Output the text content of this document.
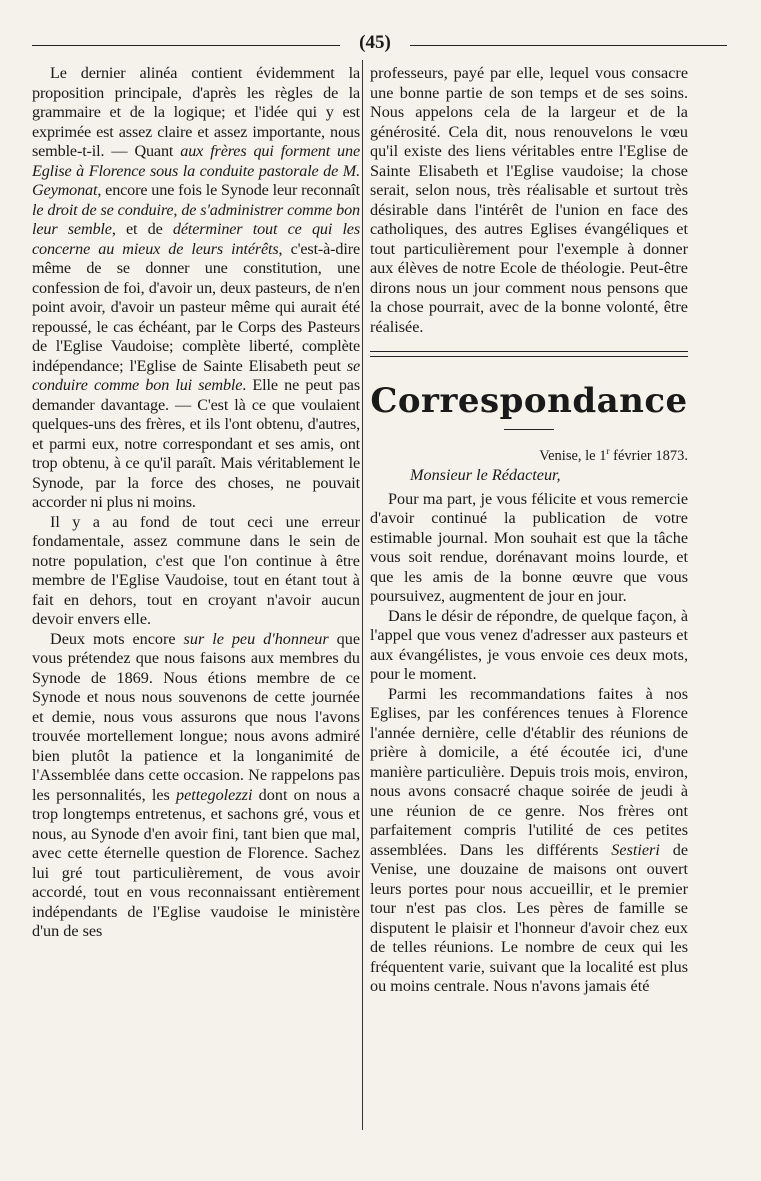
(45)

Le dernier alinéa contient évidemment la proposition principale, d'après les règles de la grammaire et de la logique; et l'idée qui y est exprimée est assez claire et assez importante, nous semble-t-il. — Quant aux frères qui forment une Eglise à Florence sous la conduite pastorale de M. Geymonat, encore une fois le Synode leur reconnaît le droit de se conduire, de s'administrer comme bon leur semble, et de déterminer tout ce qui les concerne au mieux de leurs intérêts, c'est-à-dire même de se donner une constitution, une confession de foi, d'avoir un, deux pasteurs, de n'en point avoir, d'avoir un pasteur même qui aurait été repoussé, le cas échéant, par le Corps des Pasteurs de l'Eglise Vaudoise; complète liberté, complète indépendance; l'Eglise de Sainte Elisabeth peut se conduire comme bon lui semble. Elle ne peut pas demander davantage. — C'est là ce que voulaient quelques-uns des frères, et ils l'ont obtenu, d'autres, et parmi eux, notre correspondant et ses amis, ont trop obtenu, à ce qu'il paraît. Mais véritablement le Synode, par la force des choses, ne pouvait accorder ni plus ni moins.

Il y a au fond de tout ceci une erreur fondamentale, assez commune dans le sein de notre population, c'est que l'on continue à être membre de l'Eglise Vaudoise, tout en étant tout à fait en dehors, tout en croyant n'avoir aucun devoir envers elle.

Deux mots encore sur le peu d'honneur que vous prétendez que nous faisons aux membres du Synode de 1869. Nous étions membre de ce Synode et nous nous souvenons de cette journée et demie, nous vous assurons que nous l'avons trouvée mortellement longue; nous avons admiré bien plutôt la patience et la longanimité de l'Assemblée dans cette occasion. Ne rappelons pas les personnalités, les pettegolezzi dont on nous a trop longtemps entretenus, et sachons gré, vous et nous, au Synode d'en avoir fini, tant bien que mal, avec cette éternelle question de Florence. Sachez lui gré tout particulièrement, de vous avoir accordé, tout en vous reconnaissant entièrement indépendants de l'Eglise vaudoise le ministère d'un de ses

professeurs, payé par elle, lequel vous consacre une bonne partie de son temps et de ses soins. Nous appelons cela de la largeur et de la générosité. Cela dit, nous renouvelons le vœu qu'il existe des liens véritables entre l'Eglise de Sainte Elisabeth et l'Eglise vaudoise; la chose serait, selon nous, très réalisable et surtout très désirable dans l'intérêt de l'union en face des catholiques, des autres Eglises évangéliques et tout particulièrement pour l'exemple à donner aux élèves de notre Ecole de théologie. Peut-être dirons nous un jour comment nous pensons que la chose pourrait, avec de la bonne volonté, être réalisée.

Correspondance

Venise, le 1$^r$ février 1873.

Monsieur le Rédacteur,

Pour ma part, je vous félicite et vous remercie d'avoir continué la publication de votre estimable journal. Mon souhait est que la tâche vous soit rendue, dorénavant moins lourde, et que les amis de la bonne œuvre que vous poursuivez, augmentent de jour en jour.

Dans le désir de répondre, de quelque façon, à l'appel que vous venez d'adresser aux pasteurs et aux évangélistes, je vous envoie ces deux mots, pour le moment.

Parmi les recommandations faites à nos Eglises, par les conférences tenues à Florence l'année dernière, celle d'établir des réunions de prière à domicile, a été écoutée ici, d'une manière particulière. Depuis trois mois, environ, nous avons consacré chaque soirée de jeudi à une réunion de ce genre. Nos frères ont parfaitement compris l'utilité de ces petites assemblées. Dans les différents Sestieri de Venise, une douzaine de maisons ont ouvert leurs portes pour nous accueillir, et le premier tour n'est pas clos. Les pères de famille se disputent le plaisir et l'honneur d'avoir chez eux de telles réunions. Le nombre de ceux qui les fréquentent varie, suivant que la localité est plus ou moins centrale. Nous n'avons jamais été
